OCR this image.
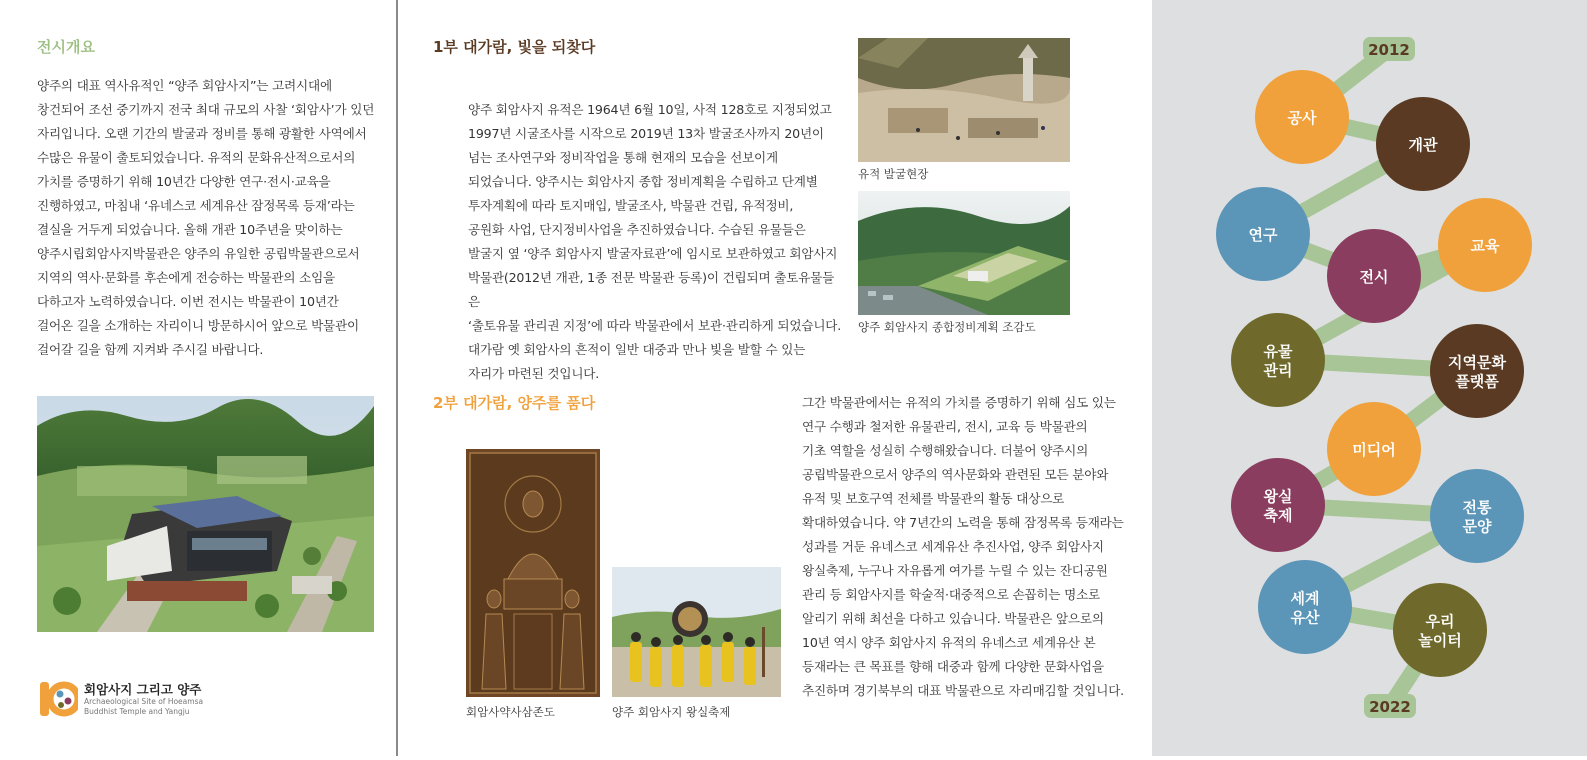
전시개요
양주의 대표 역사유적인 “양주 회암사지”는 고려시대에
창건되어 조선 중기까지 전국 최대 규모의 사찰 ‘회암사’가 있던
자리입니다. 오랜 기간의 발굴과 정비를 통해 광활한 사역에서
수많은 유물이 출토되었습니다. 유적의 문화유산적으로서의
가치를 증명하기 위해 10년간 다양한 연구·전시·교육을
진행하였고, 마침내 ‘유네스코 세계유산 잠정목록 등재’라는
결실을 거두게 되었습니다. 올해 개관 10주년을 맞이하는
양주시립회암사지박물관은 양주의 유일한 공립박물관으로서
지역의 역사·문화를 후손에게 전승하는 박물관의 소임을
다하고자 노력하였습니다. 이번 전시는 박물관이 10년간
걸어온 길을 소개하는 자리이니 방문하시어 앞으로 박물관이
걸어갈 길을 함께 지켜봐 주시길 바랍니다.
회암사지 그리고 양주
Archaeological Site of Hoeamsa
Buddhist Temple and Yangju
1부 대가람, 빛을 되찾다
양주 회암사지 유적은 1964년 6월 10일, 사적 128호로 지정되었고
1997년 시굴조사를 시작으로 2019년 13차 발굴조사까지 20년이
넘는 조사연구와 정비작업을 통해 현재의 모습을 선보이게
되었습니다. 양주시는 회암사지 종합 정비계획을 수립하고 단계별
투자계획에 따라 토지매입, 발굴조사, 박물관 건립, 유적정비,
공원화 사업, 단지정비사업을 추진하였습니다. 수습된 유물들은
발굴지 옆 ‘양주 회암사지 발굴자료관’에 임시로 보관하였고 회암사지
박물관(2012년 개관, 1종 전문 박물관 등록)이 건립되며 출토유물들은
‘출토유물 관리권 지정’에 따라 박물관에서 보관·관리하게 되었습니다.
대가람 옛 회암사의 흔적이 일반 대중과 만나 빛을 발할 수 있는
자리가 마련된 것입니다.
유적 발굴현장
양주 회암사지 종합정비계획 조감도
2부 대가람, 양주를 품다
회암사약사삼존도	양주 회암사지 왕실축제
그간 박물관에서는 유적의 가치를 증명하기 위해 심도 있는
연구 수행과 철저한 유물관리, 전시, 교육 등 박물관의
기초 역할을 성실히 수행해왔습니다. 더불어 양주시의
공립박물관으로서 양주의 역사문화와 관련된 모든 분야와
유적 및 보호구역 전체를 박물관의 활동 대상으로
확대하였습니다. 약 7년간의 노력을 통해 잠정목록 등재라는
성과를 거둔 유네스코 세계유산 추진사업, 양주 회암사지
왕실축제, 누구나 자유롭게 여가를 누릴 수 있는 잔디공원
관리 등 회암사지를 학술적·대중적으로 손꼽히는 명소로
알리기 위해 최선을 다하고 있습니다. 박물관은 앞으로의
10년 역시 양주 회암사지 유적의 유네스코 세계유산 본
등재라는 큰 목표를 향해 대중과 함께 다양한 문화사업을
추진하며 경기북부의 대표 박물관으로 자리매김할 것입니다.
2012
2022
공사
개관
연구
전시
교육
유물
관리	지역문화
플랫폼
미디어
왕실
축제	전통
문양
세계
유산	우리
놀이터
